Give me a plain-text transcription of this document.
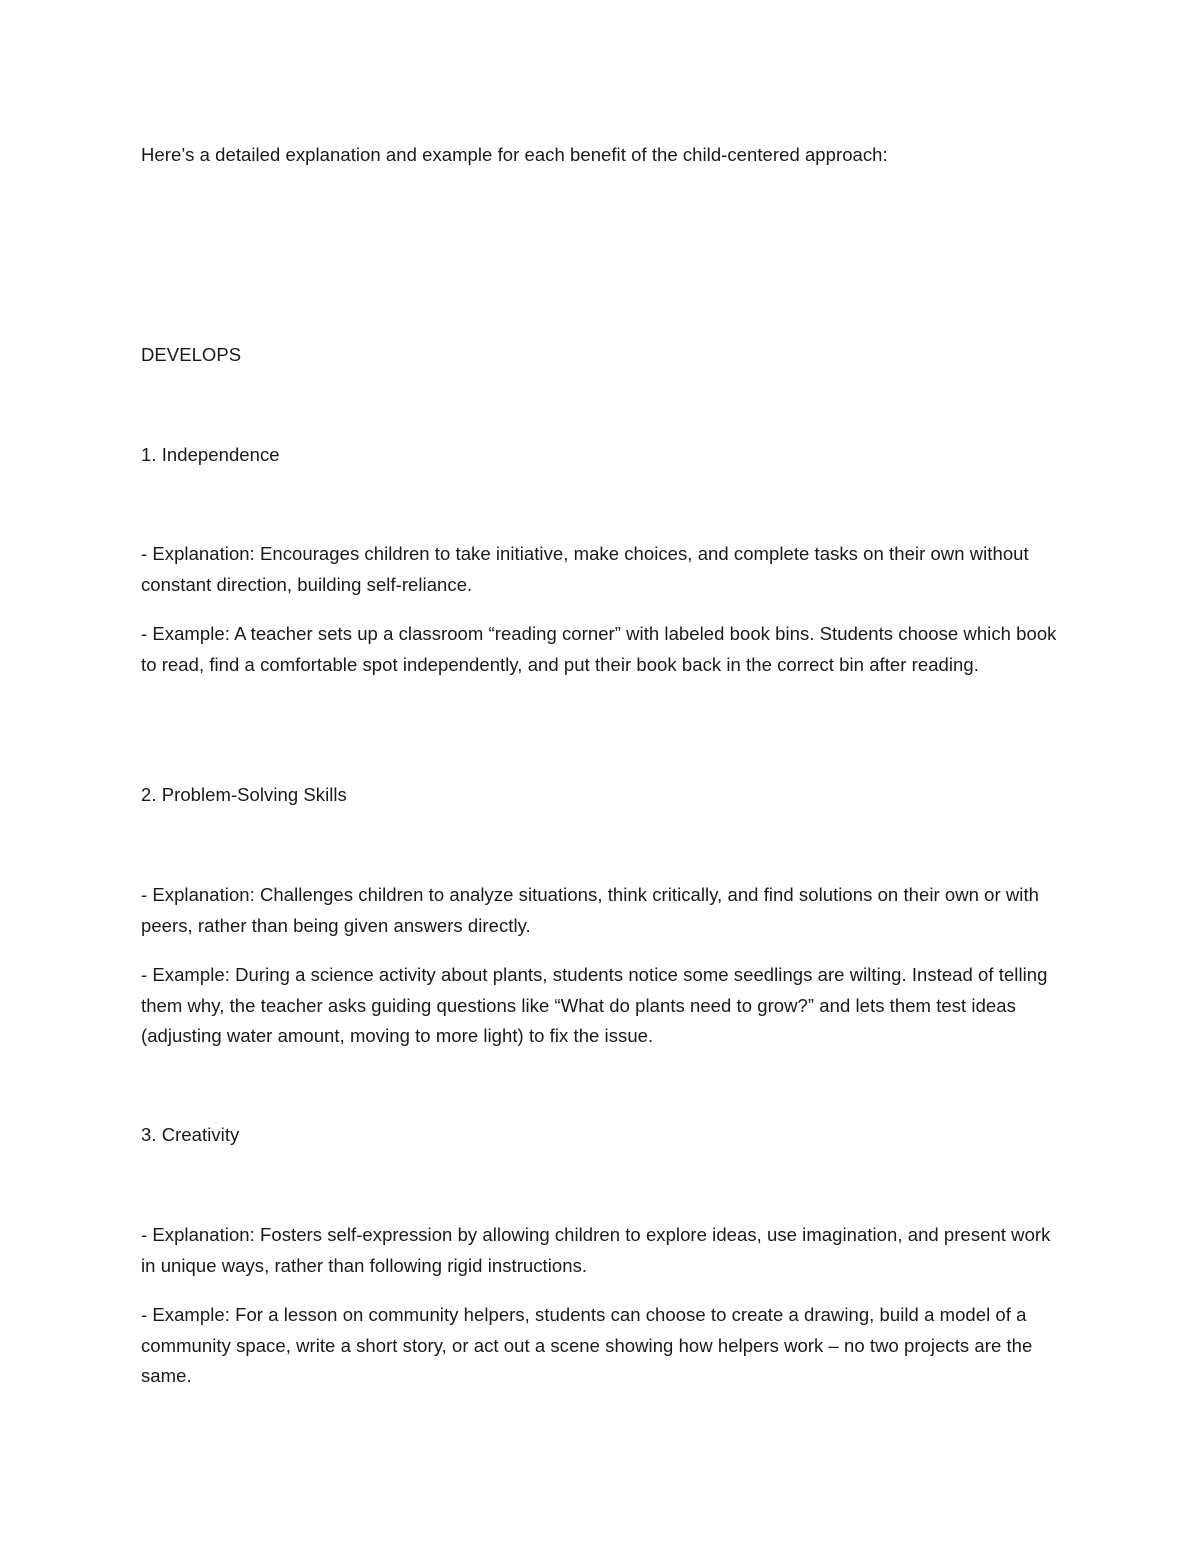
Here’s a detailed explanation and example for each benefit of the child-centered approach:
DEVELOPS
1. Independence
- Explanation: Encourages children to take initiative, make choices, and complete tasks on their own without constant direction, building self-reliance.
- Example: A teacher sets up a classroom “reading corner” with labeled book bins. Students choose which book to read, find a comfortable spot independently, and put their book back in the correct bin after reading.
2. Problem-Solving Skills
- Explanation: Challenges children to analyze situations, think critically, and find solutions on their own or with peers, rather than being given answers directly.
- Example: During a science activity about plants, students notice some seedlings are wilting. Instead of telling them why, the teacher asks guiding questions like “What do plants need to grow?” and lets them test ideas (adjusting water amount, moving to more light) to fix the issue.
3. Creativity
- Explanation: Fosters self-expression by allowing children to explore ideas, use imagination, and present work in unique ways, rather than following rigid instructions.
- Example: For a lesson on community helpers, students can choose to create a drawing, build a model of a community space, write a short story, or act out a scene showing how helpers work – no two projects are the same.
